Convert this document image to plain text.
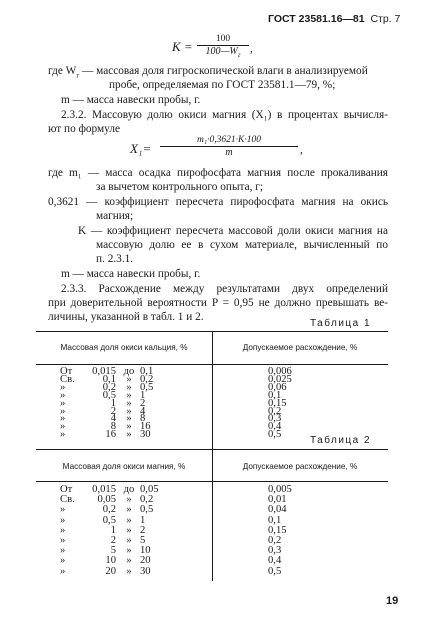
ГОСТ 23581.16—81 Стр. 7
K =	100
$100—W_г$ ,
где $W_г$ — массовая доля гигроскопической влаги в анализируемой
пробе, определяемая по ГОСТ 23581.1—79, %;
m — масса навески пробы, г.
2.3.2. Массовую долю окиси магния (X₁) в процентах вычисля-
ют по формуле
$X_1= \frac{\text{m₁·0,3621·K·100}}{m}$ ,
где m₁ — масса осадка пирофосфата магния после прокаливания
за вычетом контрольного опыта, г;
0,3621 — коэффициент пересчета пирофосфата магния на окись
магния;
K — коэффициент пересчета массовой доли окиси магния на
массовую долю ее в сухом материале, вычисленный по
п. 2.3.1.
m — масса навески пробы, г.
2.3.3. Расхождение между результатами двух определений
при доверительной вероятности P = 0,95 не должно превышать ве-
личины, указанной в табл. 1 и 2.
Таблица 1
Массовая доля окиси кальция, %	Допускаемое расхождение, %
От	0,015 до 0,1	0,006
Св.	0,1 » 0,2	0,025
»	0,2 » 0,5	0,06
»	0,5 » 1	0,1
»	1 » 2	0,15
»	2 » 4	0,2
»	4 » 8	0,3
»	8 » 16	0,4
»	16 » 30	0,5
Таблица 2
Массовая доля окиси магния, %	Допускаемое расхождение, %
От	0,015 до 0,05	0,005
Св.	0,05 » 0,2	0,01
»	0,2 » 0,5	0,04
»	0,5 » 1	0,1
»	1 » 2	0,15
»	2 » 5	0,2
»	5 » 10	0,3
»	10 » 20	0,4
»	20 » 30	0,5
19
